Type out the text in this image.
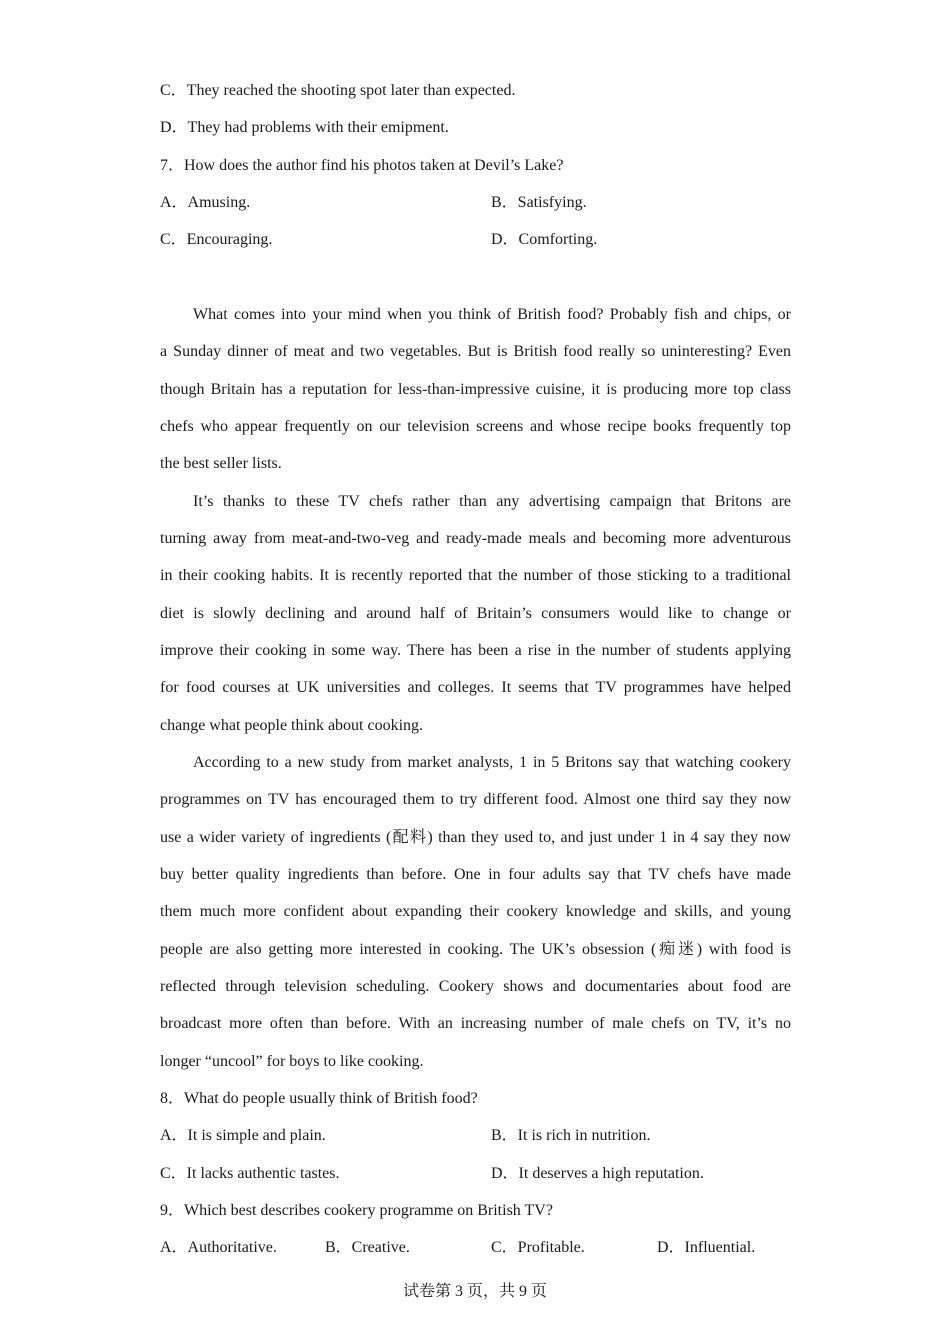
C．They reached the shooting spot later than expected.
D．They had problems with their emipment.
7．How does the author find his photos taken at Devil’s Lake?
A．Amusing.	B．Satisfying.
C．Encouraging.	D．Comforting.
What comes into your mind when you think of British food? Probably fish and chips, or
a Sunday dinner of meat and two vegetables. But is British food really so uninteresting? Even
though Britain has a reputation for less-than-impressive cuisine, it is producing more top class
chefs who appear frequently on our television screens and whose recipe books frequently top
the best seller lists.
It’s thanks to these TV chefs rather than any advertising campaign that Britons are
turning away from meat-and-two-veg and ready-made meals and becoming more adventurous
in their cooking habits. It is recently reported that the number of those sticking to a traditional
diet is slowly declining and around half of Britain’s consumers would like to change or
improve their cooking in some way. There has been a rise in the number of students applying
for food courses at UK universities and colleges. It seems that TV programmes have helped
change what people think about cooking.
According to a new study from market analysts, 1 in 5 Britons say that watching cookery
programmes on TV has encouraged them to try different food. Almost one third say they now
use a wider variety of ingredients (配料) than they used to, and just under 1 in 4 say they now
buy better quality ingredients than before. One in four adults say that TV chefs have made
them much more confident about expanding their cookery knowledge and skills, and young
people are also getting more interested in cooking. The UK’s obsession (痴迷) with food is
reflected through television scheduling. Cookery shows and documentaries about food are
broadcast more often than before. With an increasing number of male chefs on TV, it’s no
longer “uncool” for boys to like cooking.
8．What do people usually think of British food?
A．It is simple and plain.	B．It is rich in nutrition.
C．It lacks authentic tastes.	D．It deserves a high reputation.
9．Which best describes cookery programme on British TV?
A．Authoritative.	B．Creative.	C．Profitable.	D．Influential.
试卷第 3 页，共 9 页
